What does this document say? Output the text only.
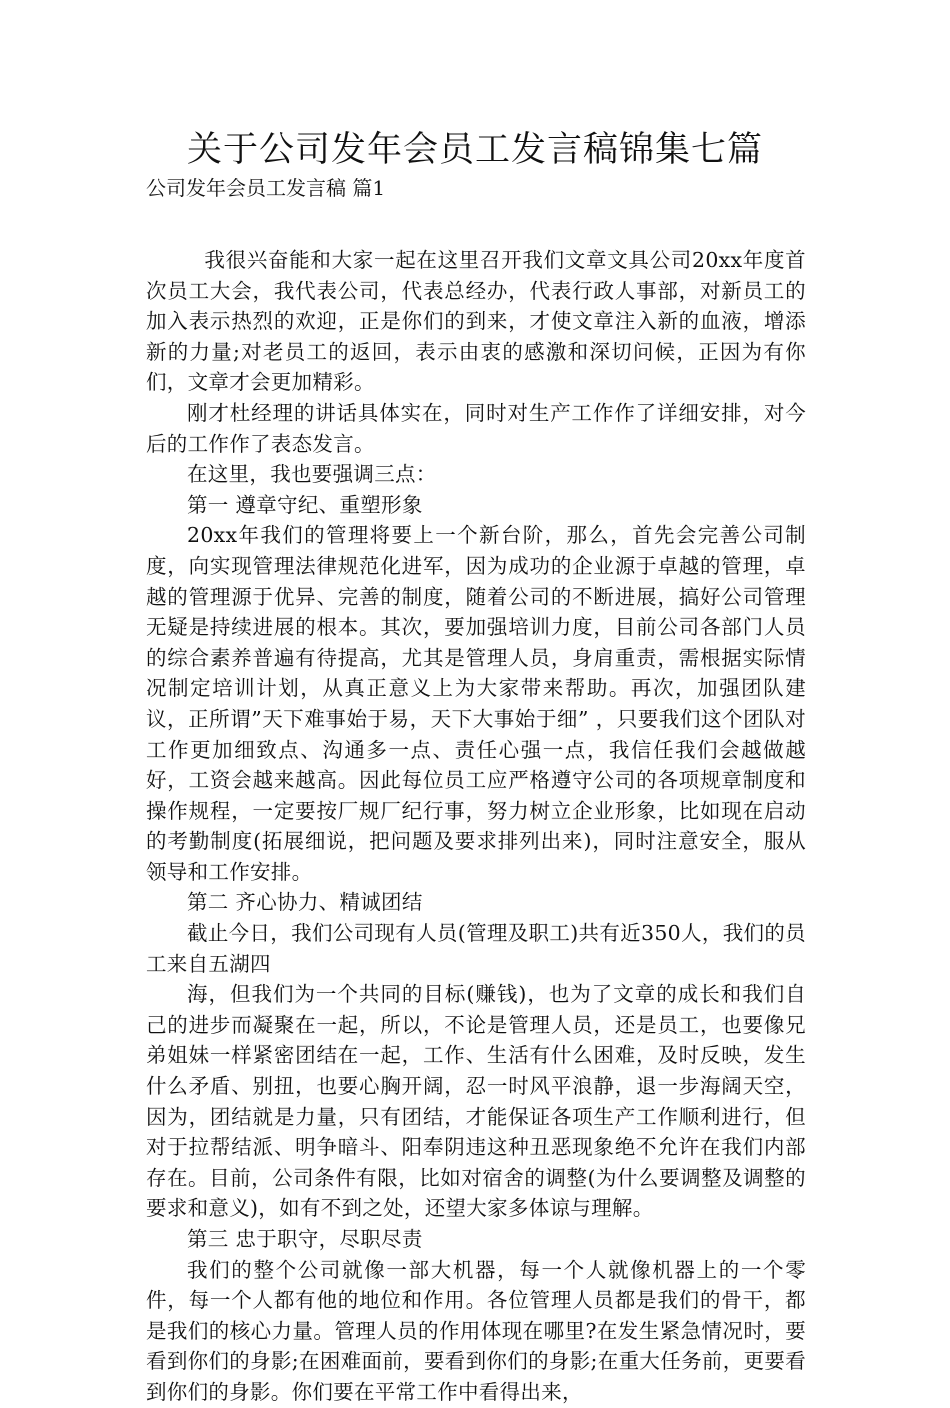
关于公司发年会员工发言稿锦集七篇
公司发年会员工发言稿 篇1

我很兴奋能和大家一起在这里召开我们文章文具公司20xx年度首次员工大会，我代表公司，代表总经办，代表行政人事部，对新员工的加入表示热烈的欢迎，正是你们的到来，才使文章注入新的血液，增添新的力量;对老员工的返回，表示由衷的感激和深切问候，正因为有你们，文章才会更加精彩。

刚才杜经理的讲话具体实在，同时对生产工作作了详细安排，对今后的工作作了表态发言。

在这里，我也要强调三点：

第一 遵章守纪、重塑形象

20xx年我们的管理将要上一个新台阶，那么，首先会完善公司制度，向实现管理法律规范化进军，因为成功的企业源于卓越的管理，卓越的管理源于优异、完善的制度，随着公司的不断进展，搞好公司管理无疑是持续进展的根本。其次，要加强培训力度，目前公司各部门人员的综合素养普遍有待提高，尤其是管理人员，身肩重责，需根据实际情况制定培训计划，从真正意义上为大家带来帮助。再次，加强团队建议，正所谓”天下难事始于易，天下大事始于细” ，只要我们这个团队对工作更加细致点、沟通多一点、责任心强一点，我信任我们会越做越好，工资会越来越高。因此每位员工应严格遵守公司的各项规章制度和操作规程，一定要按厂规厂纪行事，努力树立企业形象，比如现在启动的考勤制度(拓展细说，把问题及要求排列出来)，同时注意安全，服从领导和工作安排。

第二 齐心协力、精诚团结

截止今日，我们公司现有人员(管理及职工)共有近350人，我们的员工来自五湖四

海，但我们为一个共同的目标(赚钱)，也为了文章的成长和我们自己的进步而凝聚在一起，所以，不论是管理人员，还是员工，也要像兄弟姐妹一样紧密团结在一起，工作、生活有什么困难，及时反映，发生什么矛盾、别扭，也要心胸开阔，忍一时风平浪静，退一步海阔天空，因为，团结就是力量，只有团结，才能保证各项生产工作顺利进行，但对于拉帮结派、明争暗斗、阳奉阴违这种丑恶现象绝不允许在我们内部存在。目前，公司条件有限，比如对宿舍的调整(为什么要调整及调整的要求和意义)，如有不到之处，还望大家多体谅与理解。

第三 忠于职守，尽职尽责

我们的整个公司就像一部大机器，每一个人就像机器上的一个零件，每一个人都有他的地位和作用。各位管理人员都是我们的骨干，都是我们的核心力量。管理人员的作用体现在哪里?在发生紧急情况时，要看到你们的身影;在困难面前，要看到你们的身影;在重大任务前，更要看到你们的身影。你们要在平常工作中看得出来，
